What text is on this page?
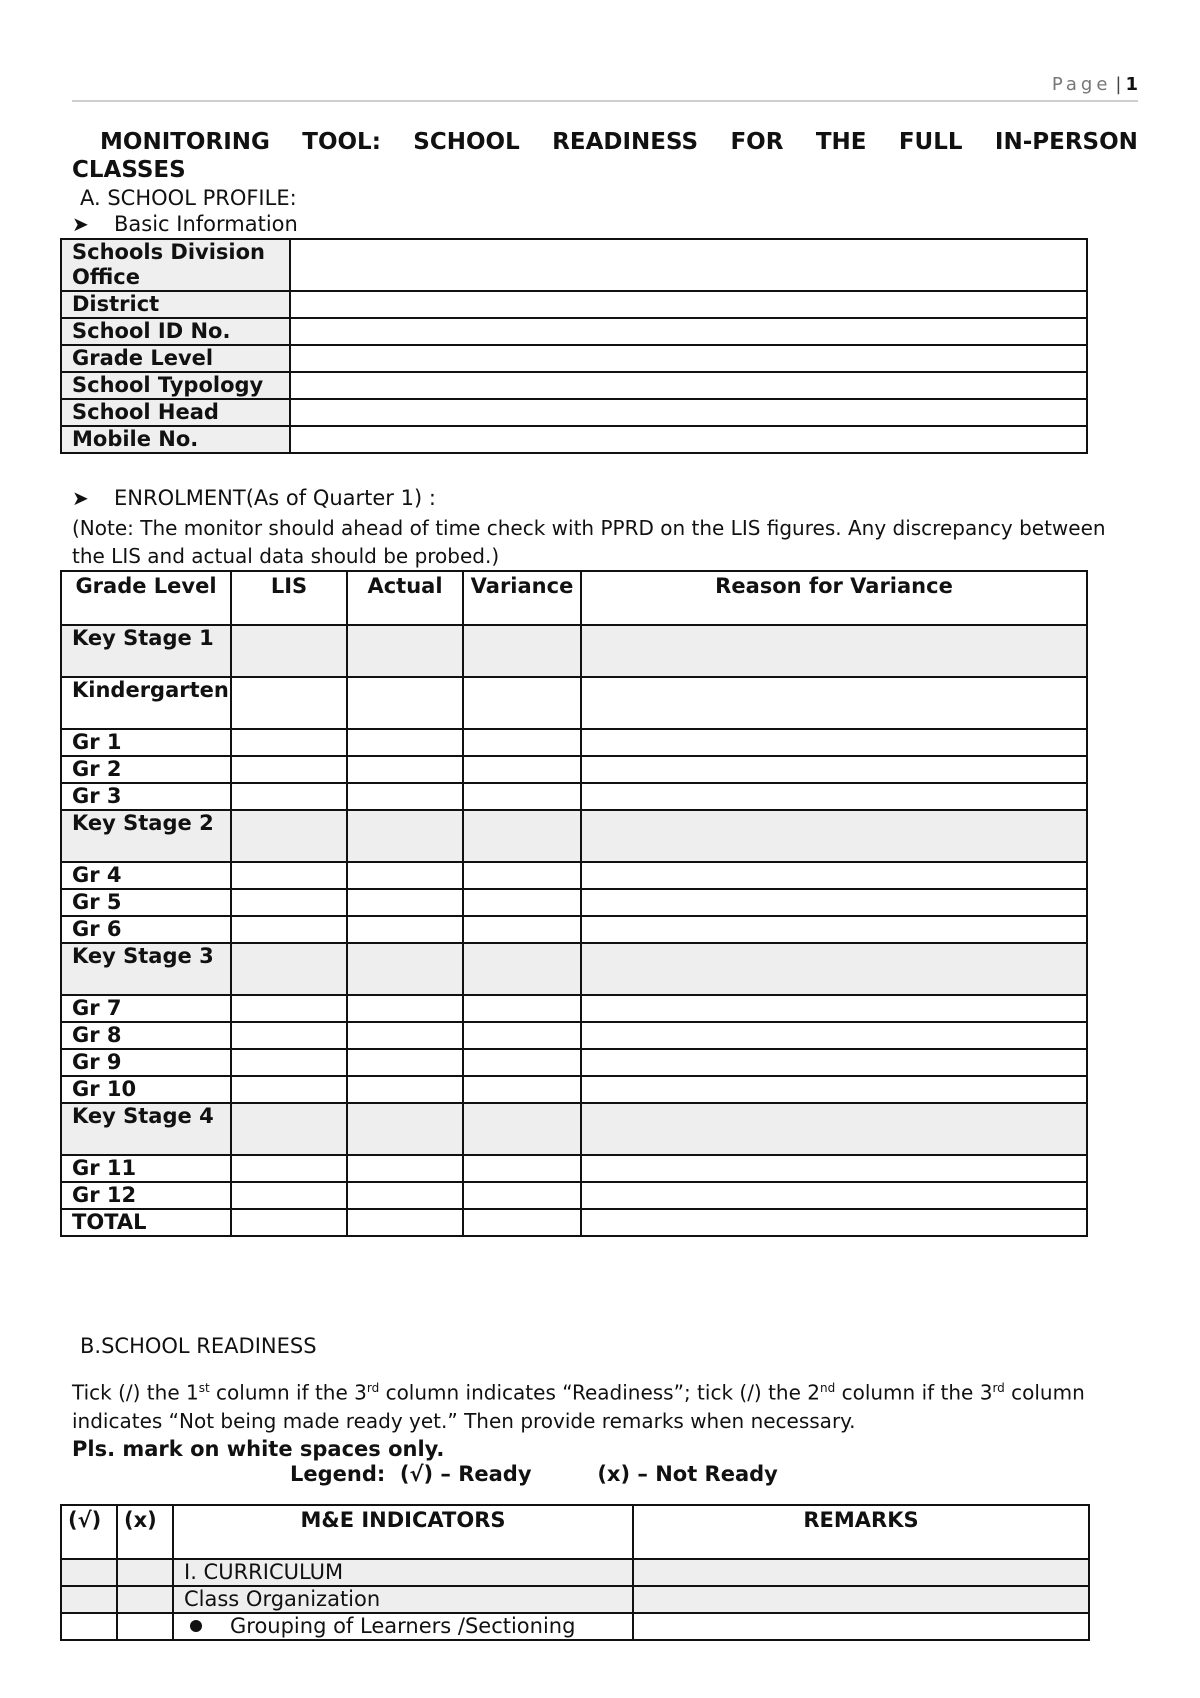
Page | 1
MONITORING TOOL: SCHOOL READINESS FOR THE FULL IN-PERSON
CLASSES
A. SCHOOL PROFILE:
➤	Basic Information
Schools Division Office	
District	
School ID No.	
Grade Level	
School Typology	
School Head	
Mobile No.	
➤	ENROLMENT(As of Quarter 1) :
(Note: The monitor should ahead of time check with PPRD on the LIS figures. Any discrepancy between the LIS and actual data should be probed.)
Grade Level	LIS	Actual	Variance	Reason for Variance
Key Stage 1				
Kindergarten				
Gr 1				
Gr 2				
Gr 3				
Key Stage 2				
Gr 4				
Gr 5				
Gr 6				
Key Stage 3				
Gr 7				
Gr 8				
Gr 9				
Gr 10				
Key Stage 4				
Gr 11				
Gr 12				
TOTAL				
B.SCHOOL READINESS
Tick (/) the 1st column if the 3rd column indicates “Readiness”; tick (/) the 2nd column if the 3rd column indicates “Not being made ready yet.” Then provide remarks when necessary.
Pls. mark on white spaces only.
Legend:  (√) – Ready         (x) – Not Ready
(√)	(x)	M&E INDICATORS	REMARKS
		I. CURRICULUM	
		Class Organization	
		Grouping of Learners /Sectioning	
